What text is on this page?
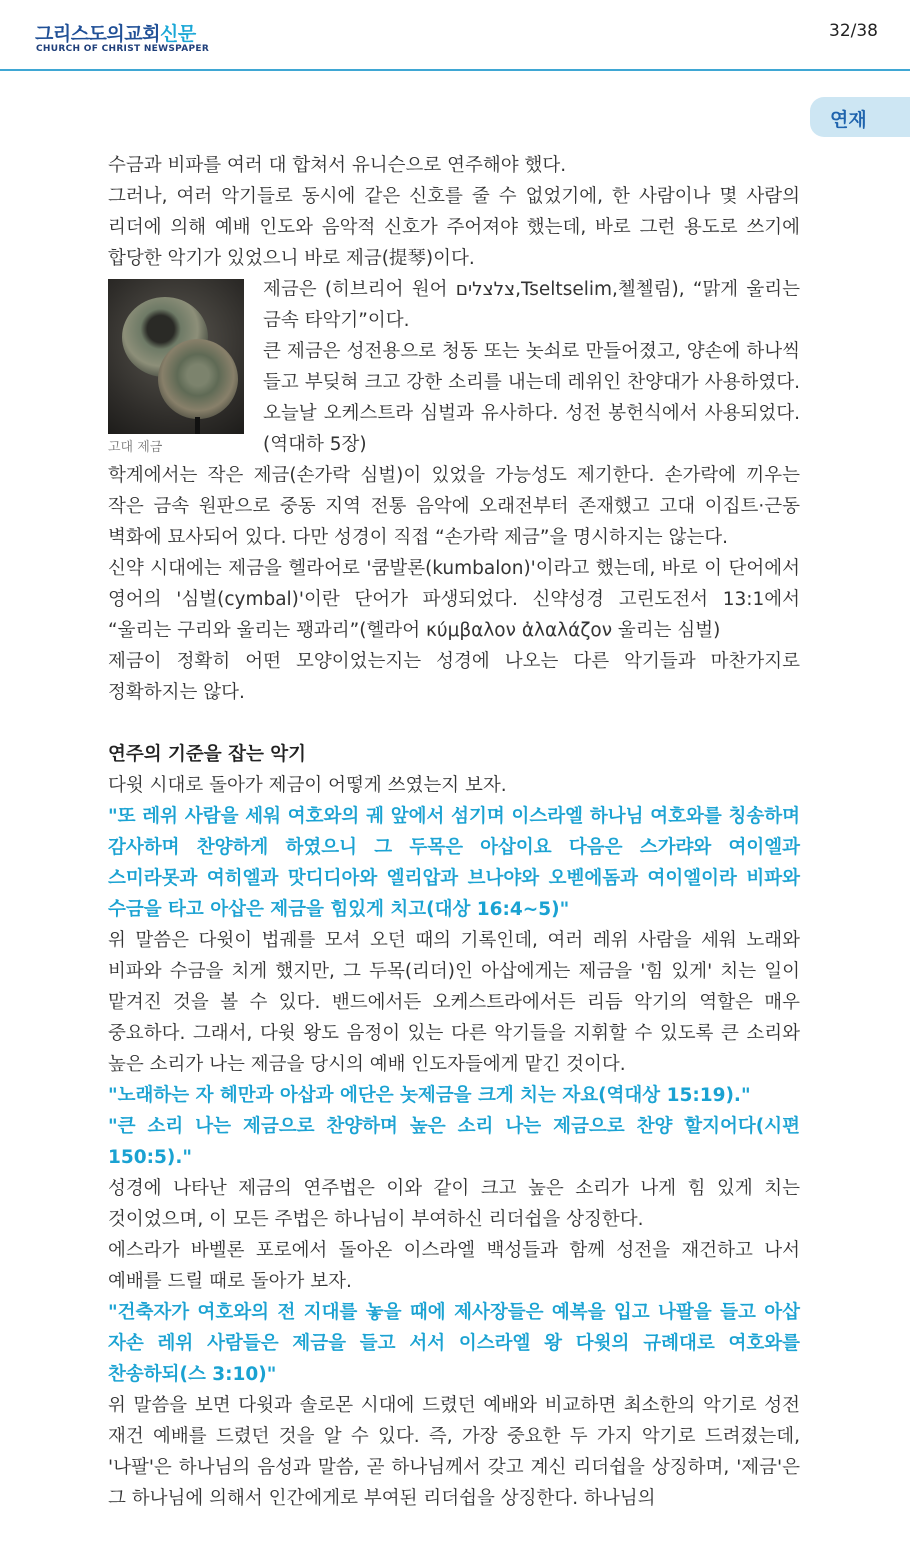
그리스도의교회신문
CHURCH OF CHRIST NEWSPAPER
32/38
연재

수금과 비파를 여러 대 합쳐서 유니슨으로 연주해야 했다.

그러나, 여러 악기들로 동시에 같은 신호를 줄 수 없었기에, 한 사람이나 몇 사람의 리더에 의해 예배 인도와 음악적 신호가 주어져야 했는데, 바로 그런 용도로 쓰기에 합당한 악기가 있었으니 바로 제금(提琴)이다.

고대 제금

제금은 (히브리어 원어 צלצלים,Tseltselim,첼첼림), “맑게 울리는 금속 타악기”이다.

큰 제금은 성전용으로 청동 또는 놋쇠로 만들어졌고, 양손에 하나씩 들고 부딪혀 크고 강한 소리를 내는데 레위인 찬양대가 사용하였다. 오늘날 오케스트라 심벌과 유사하다. 성전 봉헌식에서 사용되었다. (역대하 5장)

학계에서는 작은 제금(손가락 심벌)이 있었을 가능성도 제기한다. 손가락에 끼우는 작은 금속 원판으로 중동 지역 전통 음악에 오래전부터 존재했고 고대 이집트·근동 벽화에 묘사되어 있다. 다만 성경이 직접 “손가락 제금”을 명시하지는 않는다.

신약 시대에는 제금을 헬라어로 '쿰발론(kumbalon)'이라고 했는데, 바로 이 단어에서 영어의 '심벌(cymbal)'이란 단어가 파생되었다. 신약성경 고린도전서 13:1에서 “울리는 구리와 울리는 꽹과리”(헬라어 κύμβαλον ἀλαλάζον 울리는 심벌)

제금이 정확히 어떤 모양이었는지는 성경에 나오는 다른 악기들과 마찬가지로 정확하지는 않다.

연주의 기준을 잡는 악기

다윗 시대로 돌아가 제금이 어떻게 쓰였는지 보자.

"또 레위 사람을 세워 여호와의 궤 앞에서 섬기며 이스라엘 하나님 여호와를 칭송하며 감사하며 찬양하게 하였으니 그 두목은 아삽이요 다음은 스가랴와 여이엘과 스미라못과 여히엘과 맛디디아와 엘리압과 브나야와 오벧에돔과 여이엘이라 비파와 수금을 타고 아삽은 제금을 힘있게 치고(대상 16:4~5)"

위 말씀은 다윗이 법궤를 모셔 오던 때의 기록인데, 여러 레위 사람을 세워 노래와 비파와 수금을 치게 했지만, 그 두목(리더)인 아삽에게는 제금을 '힘 있게' 치는 일이 맡겨진 것을 볼 수 있다. 밴드에서든 오케스트라에서든 리듬 악기의 역할은 매우 중요하다. 그래서, 다윗 왕도 음정이 있는 다른 악기들을 지휘할 수 있도록 큰 소리와 높은 소리가 나는 제금을 당시의 예배 인도자들에게 맡긴 것이다.

"노래하는 자 헤만과 아삽과 에단은 놋제금을 크게 치는 자요(역대상 15:19)."

"큰 소리 나는 제금으로 찬양하며 높은 소리 나는 제금으로 찬양 할지어다(시편 150:5)."

성경에 나타난 제금의 연주법은 이와 같이 크고 높은 소리가 나게 힘 있게 치는 것이었으며, 이 모든 주법은 하나님이 부여하신 리더쉽을 상징한다.

에스라가 바벨론 포로에서 돌아온 이스라엘 백성들과 함께 성전을 재건하고 나서 예배를 드릴 때로 돌아가 보자.

"건축자가 여호와의 전 지대를 놓을 때에 제사장들은 예복을 입고 나팔을 들고 아삽 자손 레위 사람들은 제금을 들고 서서 이스라엘 왕 다윗의 규례대로 여호와를 찬송하되(스 3:10)"

위 말씀을 보면 다윗과 솔로몬 시대에 드렸던 예배와 비교하면 최소한의 악기로 성전 재건 예배를 드렸던 것을 알 수 있다. 즉, 가장 중요한 두 가지 악기로 드려졌는데, '나팔'은 하나님의 음성과 말씀, 곧 하나님께서 갖고 계신 리더쉽을 상징하며, '제금'은 그 하나님에 의해서 인간에게로 부여된 리더쉽을 상징한다. 하나님의
